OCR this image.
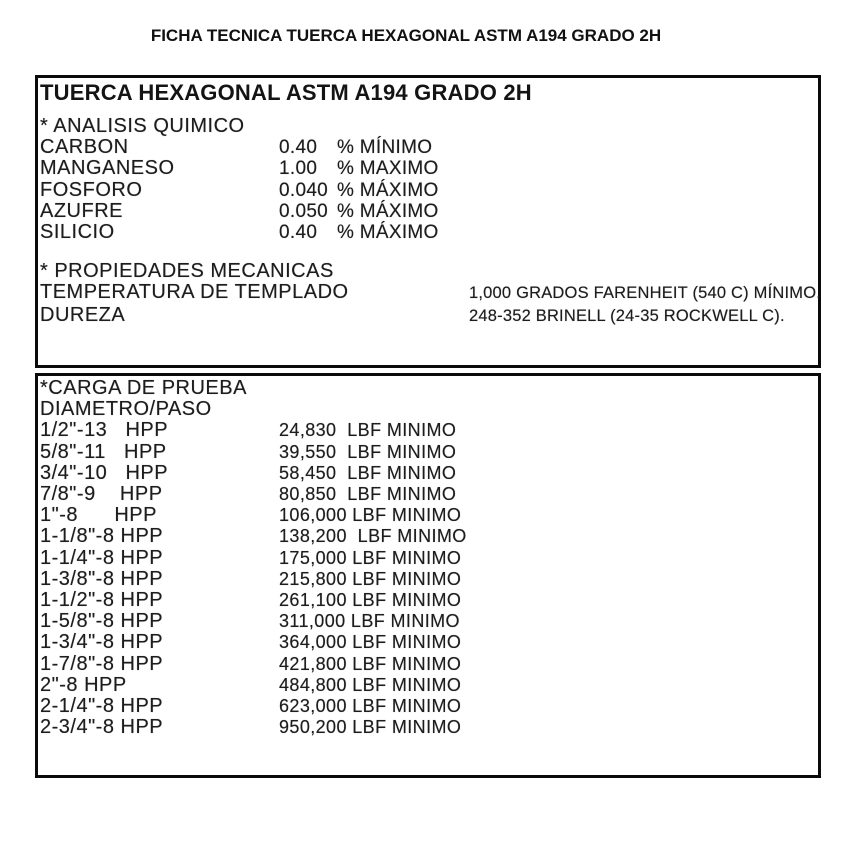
FICHA TECNICA TUERCA HEXAGONAL ASTM A194 GRADO 2H
TUERCA HEXAGONAL ASTM A194 GRADO 2H
* ANALISIS QUIMICO
CARBON	0.40	% MÍNIMO
MANGANESO	1.00	% MAXIMO
FOSFORO	0.040 % MÁXIMO
AZUFRE	0.050 % MÁXIMO
SILICIO	0.40	% MÁXIMO
* PROPIEDADES MECANICAS
TEMPERATURA DE TEMPLADO	1,000 GRADOS FARENHEIT (540 C) MÍNIMO.
DUREZA	248-352 BRINELL (24-35 ROCKWELL C).
*CARGA DE PRUEBA
DIAMETRO/PASO
1/2"-13   HPP	24,830  LBF MINIMO
5/8"-11   HPP	39,550  LBF MINIMO
3/4"-10   HPP	58,450  LBF MINIMO
7/8"-9    HPP	80,850  LBF MINIMO
1"-8      HPP	106,000 LBF MINIMO
1-1/8"-8 HPP	138,200  LBF MINIMO
1-1/4"-8 HPP	175,000 LBF MINIMO
1-3/8"-8 HPP	215,800 LBF MINIMO
1-1/2"-8 HPP	261,100 LBF MINIMO
1-5/8"-8 HPP	311,000 LBF MINIMO
1-3/4"-8 HPP	364,000 LBF MINIMO
1-7/8"-8 HPP	421,800 LBF MINIMO
2"-8 HPP	484,800 LBF MINIMO
2-1/4"-8 HPP	623,000 LBF MINIMO
2-3/4"-8 HPP	950,200 LBF MINIMO
